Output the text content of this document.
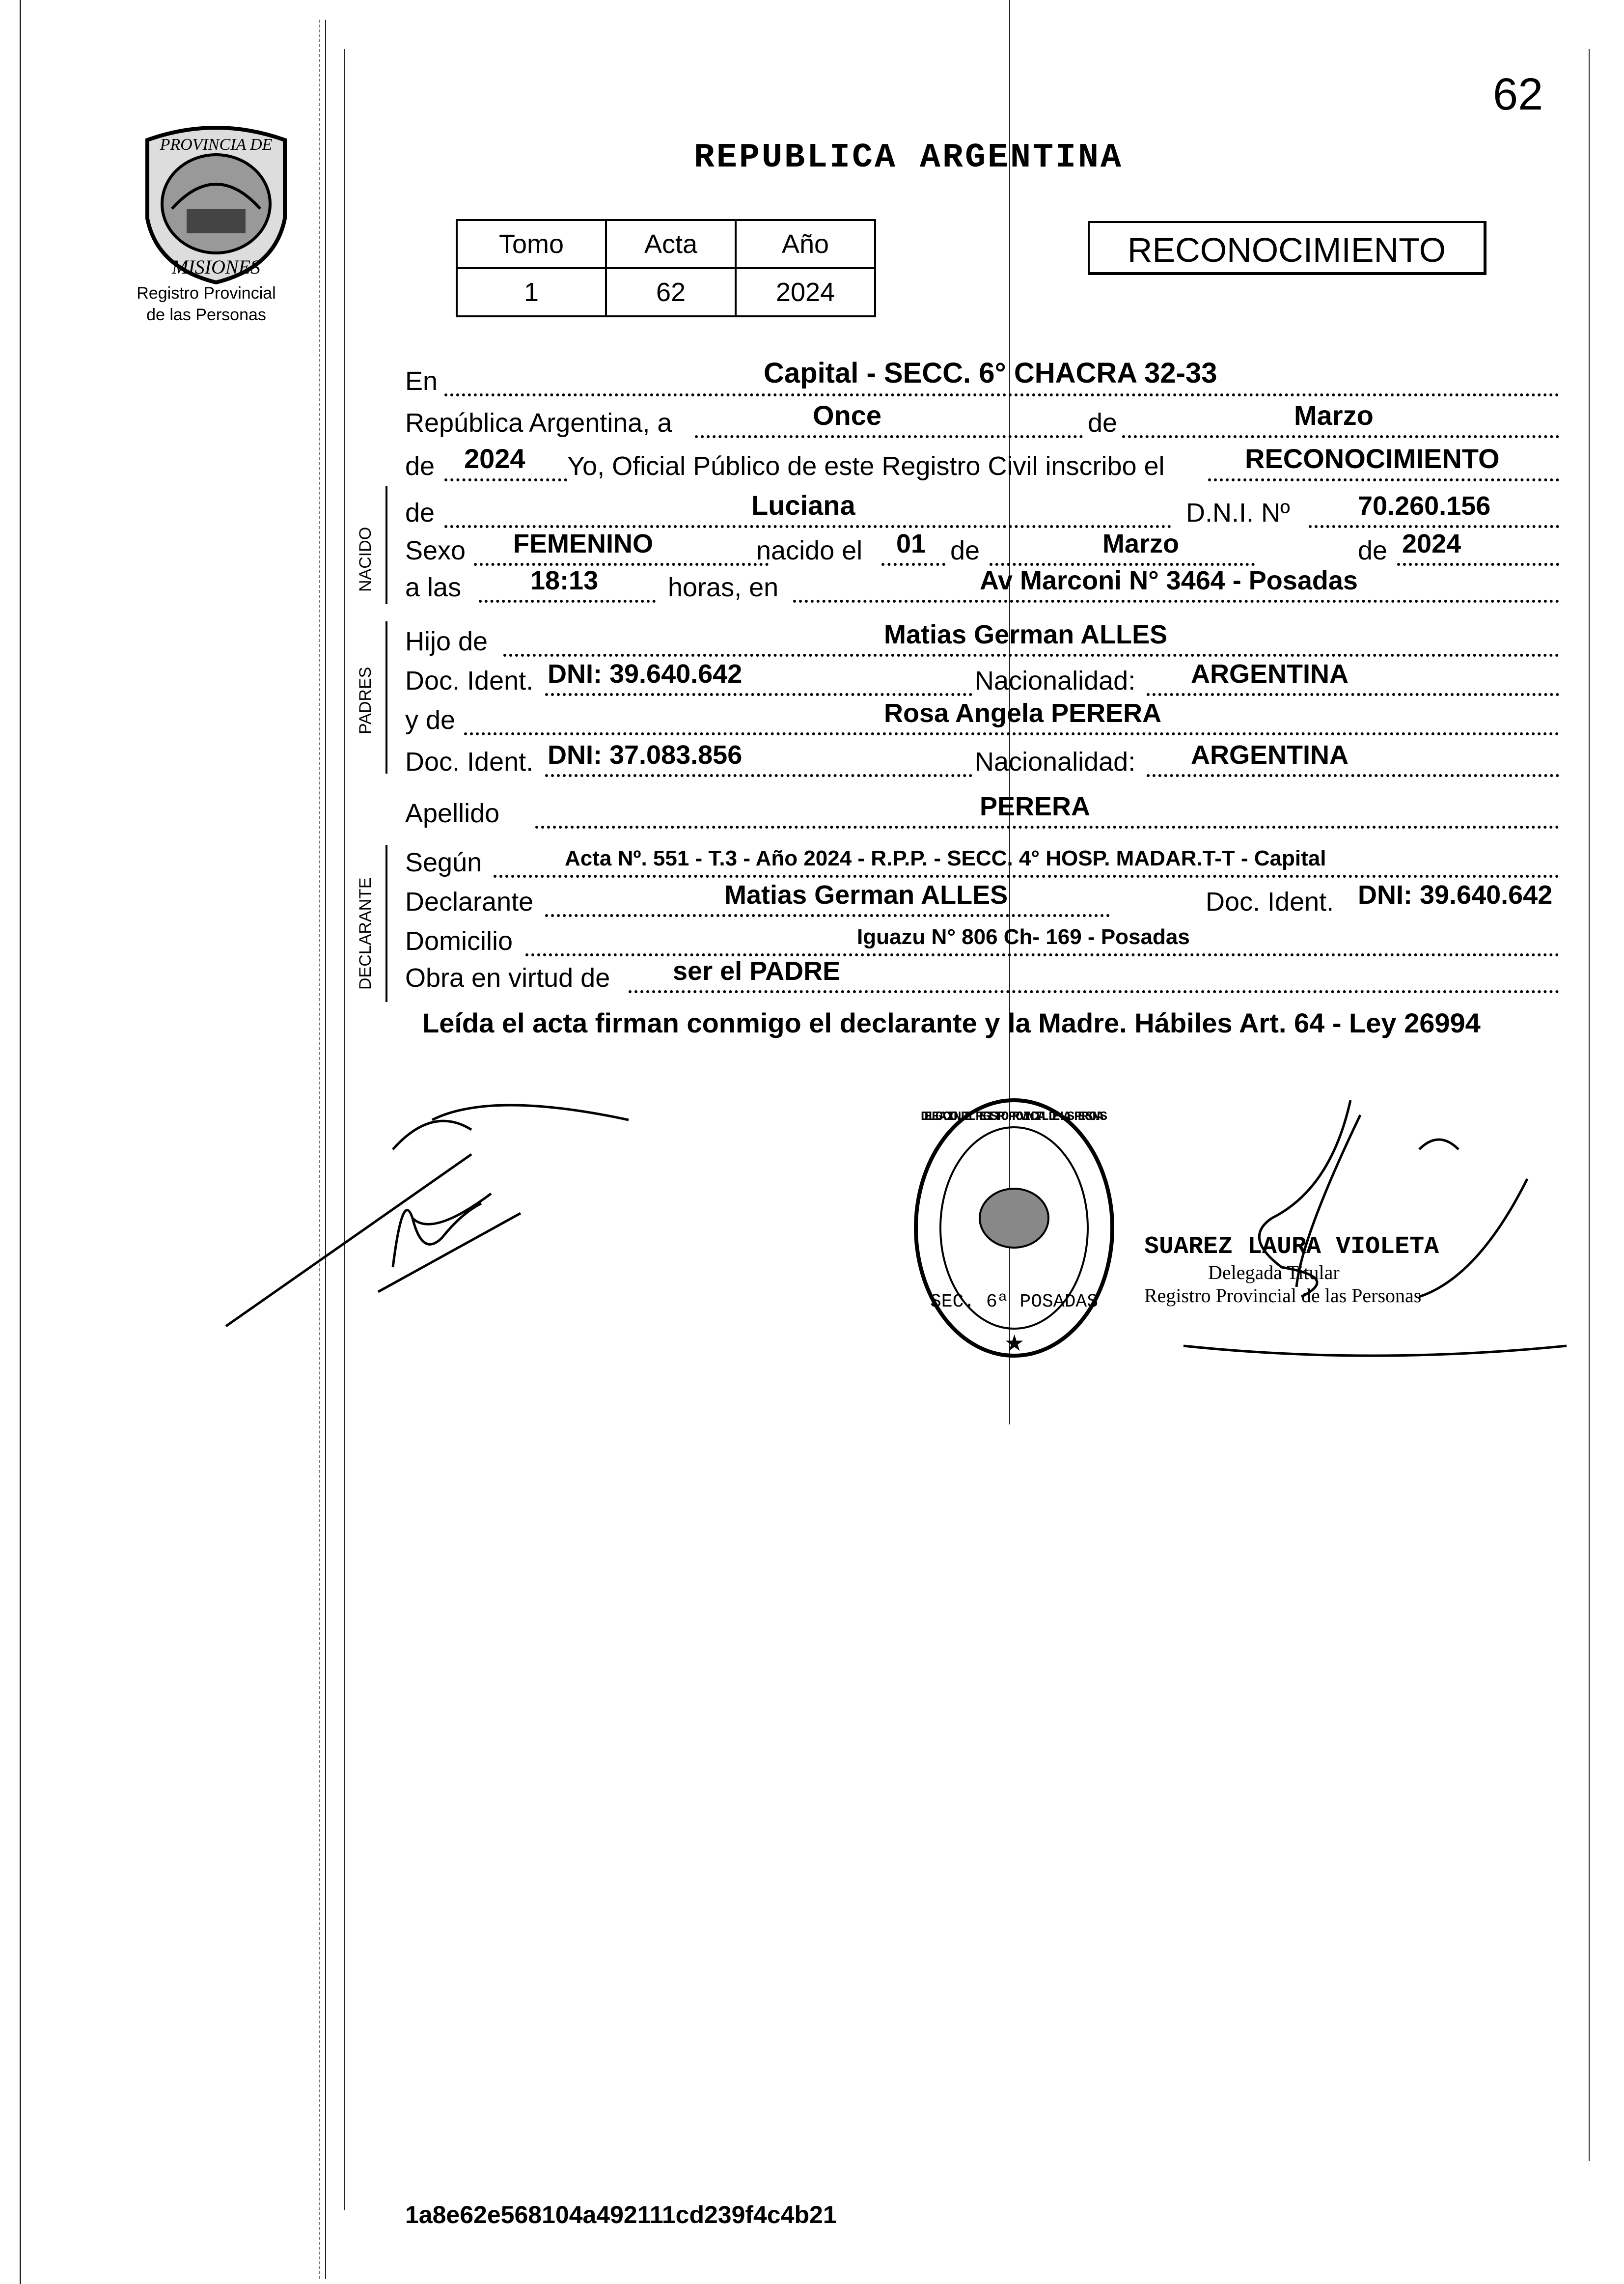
62
PROVINCIA DE
MISIONES
Registro Provincial
de las Personas
REPUBLICA ARGENTINA
Tomo	Acta	Año
1	62	2024
RECONOCIMIENTO
En	Capital - SECC. 6° CHACRA 32-33
República Argentina, a	Once	de	Marzo
de 2024 Yo, Oficial Público de este Registro Civil inscribo el	RECONOCIMIENTO
NACIDO
de	Luciana	D.N.I. Nº	70.260.156
Sexo FEMENINO	nacido el 01 de	Marzo	de 2024
a las	18:13	horas, en	Av Marconi N° 3464 - Posadas
PADRES
Hijo de	Matias German ALLES
Doc. Ident. DNI: 39.640.642	Nacionalidad: ARGENTINA
y de	Rosa Angela PERERA
Doc. Ident. DNI: 37.083.856	Nacionalidad: ARGENTINA
Apellido	PERERA
DECLARANTE
Según	Acta Nº. 551 - T.3 - Año 2024 - R.P.P. - SECC. 4° HOSP. MADAR.T-T - Capital
Declarante	Matias German ALLES	Doc. Ident. DNI: 39.640.642
Domicilio	Iguazu N° 806 Ch- 169 - Posadas
Obra en virtud de ser el PADRE
Leída el acta firman conmigo el declarante y la Madre. Hábiles Art. 64 - Ley 26994
DELEGACION DEL REGISTRO PROVINCIAL DE LAS PERSONAS
SEC. 6ª POSADAS
★
SUAREZ LAURA VIOLETA
Delegada Titular
Registro Provincial de las Personas
1a8e62e568104a492111cd239f4c4b21
